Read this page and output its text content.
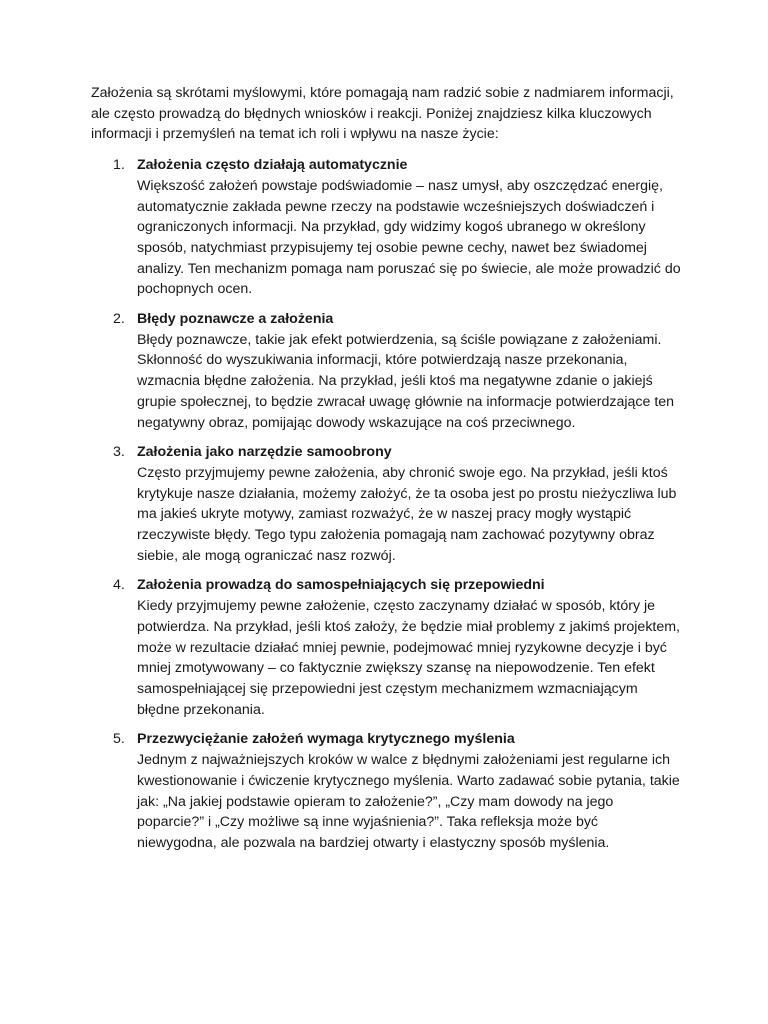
Założenia są skrótami myślowymi, które pomagają nam radzić sobie z nadmiarem informacji, ale często prowadzą do błędnych wniosków i reakcji. Poniżej znajdziesz kilka kluczowych informacji i przemyśleń na temat ich roli i wpływu na nasze życie:

1. Założenia często działają automatycznie
Większość założeń powstaje podświadomie – nasz umysł, aby oszczędzać energię, automatycznie zakłada pewne rzeczy na podstawie wcześniejszych doświadczeń i ograniczonych informacji. Na przykład, gdy widzimy kogoś ubranego w określony sposób, natychmiast przypisujemy tej osobie pewne cechy, nawet bez świadomej analizy. Ten mechanizm pomaga nam poruszać się po świecie, ale może prowadzić do pochopnych ocen.
2. Błędy poznawcze a założenia
Błędy poznawcze, takie jak efekt potwierdzenia, są ściśle powiązane z założeniami. Skłonność do wyszukiwania informacji, które potwierdzają nasze przekonania, wzmacnia błędne założenia. Na przykład, jeśli ktoś ma negatywne zdanie o jakiejś grupie społecznej, to będzie zwracał uwagę głównie na informacje potwierdzające ten negatywny obraz, pomijając dowody wskazujące na coś przeciwnego.
3. Założenia jako narzędzie samoobrony
Często przyjmujemy pewne założenia, aby chronić swoje ego. Na przykład, jeśli ktoś krytykuje nasze działania, możemy założyć, że ta osoba jest po prostu nieżyczliwa lub ma jakieś ukryte motywy, zamiast rozważyć, że w naszej pracy mogły wystąpić rzeczywiste błędy. Tego typu założenia pomagają nam zachować pozytywny obraz siebie, ale mogą ograniczać nasz rozwój.
4. Założenia prowadzą do samospełniających się przepowiedni
Kiedy przyjmujemy pewne założenie, często zaczynamy działać w sposób, który je potwierdza. Na przykład, jeśli ktoś założy, że będzie miał problemy z jakimś projektem, może w rezultacie działać mniej pewnie, podejmować mniej ryzykowne decyzje i być mniej zmotywowany – co faktycznie zwiększy szansę na niepowodzenie. Ten efekt samospełniającej się przepowiedni jest częstym mechanizmem wzmacniającym błędne przekonania.
5. Przezwyciężanie założeń wymaga krytycznego myślenia
Jednym z najważniejszych kroków w walce z błędnymi założeniami jest regularne ich kwestionowanie i ćwiczenie krytycznego myślenia. Warto zadawać sobie pytania, takie jak: „Na jakiej podstawie opieram to założenie?”, „Czy mam dowody na jego poparcie?” i „Czy możliwe są inne wyjaśnienia?”. Taka refleksja może być niewygodna, ale pozwala na bardziej otwarty i elastyczny sposób myślenia.
